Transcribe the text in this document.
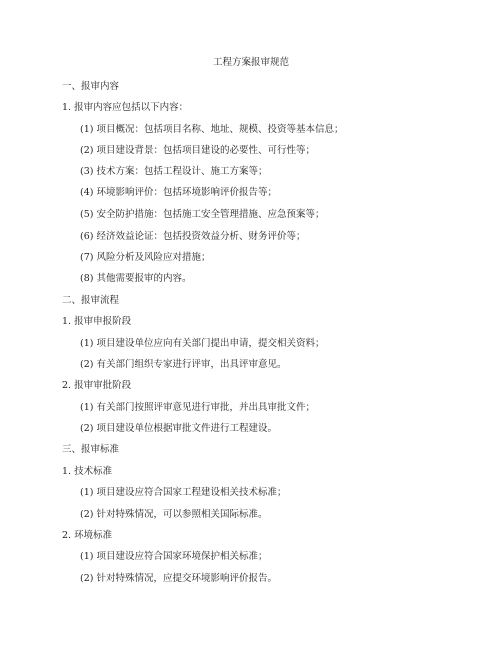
工程方案报审规范
一、报审内容
1. 报审内容应包括以下内容：
(1) 项目概况：包括项目名称、地址、规模、投资等基本信息；
(2) 项目建设背景：包括项目建设的必要性、可行性等；
(3) 技术方案：包括工程设计、施工方案等；
(4) 环境影响评价：包括环境影响评价报告等；
(5) 安全防护措施：包括施工安全管理措施、应急预案等；
(6) 经济效益论证：包括投资效益分析、财务评价等；
(7) 风险分析及风险应对措施；
(8) 其他需要报审的内容。
二、报审流程
1. 报审申报阶段
(1) 项目建设单位应向有关部门提出申请，提交相关资料；
(2) 有关部门组织专家进行评审，出具评审意见。
2. 报审审批阶段
(1) 有关部门按照评审意见进行审批，并出具审批文件；
(2) 项目建设单位根据审批文件进行工程建设。
三、报审标准
1. 技术标准
(1) 项目建设应符合国家工程建设相关技术标准；
(2) 针对特殊情况，可以参照相关国际标准。
2. 环境标准
(1) 项目建设应符合国家环境保护相关标准；
(2) 针对特殊情况，应提交环境影响评价报告。
